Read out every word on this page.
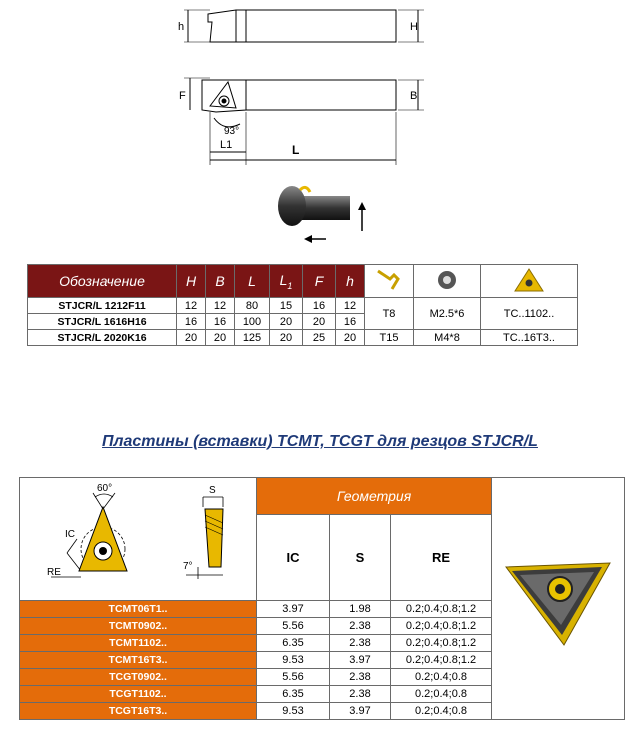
h	H
F	B
93°
L1	L
Обозначение	H	B	L	$L_1$	F	h			
STJCR/L 1212F11	12	12	80	15	16	12	T8	M2.5*6	TC..1102..
STJCR/L 1616H16	16	16	100	20	20	16			
STJCR/L 2020K16	20	20	125	20	25	20	T15	M4*8	TC..16T3..
Пластины (вставки) TCMT, TCGT для резцов STJCR/L
60° S
IC
RE
7°	Геометрия	
	IC	S	RE	
TCMT06T1..	3.97	1.98	0.2;0.4;0.8;1.2	
TCMT0902..	5.56	2.38	0.2;0.4;0.8;1.2	
TCMT1102..	6.35	2.38	0.2;0.4;0.8;1.2	
TCMT16T3..	9.53	3.97	0.2;0.4;0.8;1.2	
TCGT0902..	5.56	2.38	0.2;0.4;0.8	
TCGT1102..	6.35	2.38	0.2;0.4;0.8	
TCGT16T3..	9.53	3.97	0.2;0.4;0.8	
